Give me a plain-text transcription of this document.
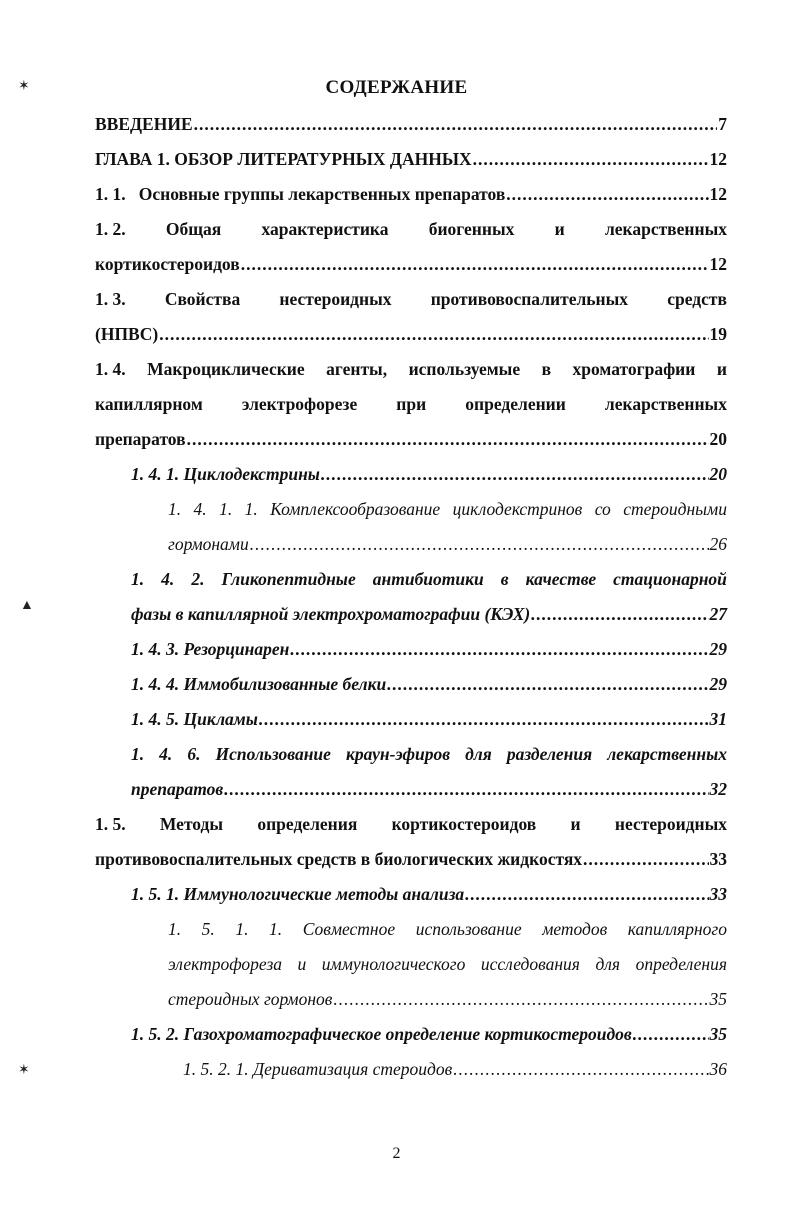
✶
▲
✶
СОДЕРЖАНИЕ
ВВЕДЕНИЕ .....	7
ГЛАВА 1. ОБЗОР ЛИТЕРАТУРНЫХ ДАННЫХ .....	12
1. 1. Основные группы лекарственных препаратов .....	12
1. 2. Общая характеристика биогенных и лекарственных
кортикостероидов .....	12
1. 3. Свойства нестероидных противовоспалительных средств
(НПВС) .....	19
1. 4. Макроциклические агенты, используемые в хроматографии и
капиллярном электрофорезе при определении лекарственных
препаратов .....	20
1. 4. 1. Циклодекстрины .....	20
1. 4. 1. 1. Комплексообразование циклодекстринов со стероидными
гормонами .....	26
1. 4. 2. Гликопептидные антибиотики в качестве стационарной
фазы в капиллярной электрохроматографии (КЭХ) .....	27
1. 4. 3. Резорцинарен .....	29
1. 4. 4. Иммобилизованные белки .....	29
1. 4. 5. Цикламы .....	31
1. 4. 6. Использование краун-эфиров для разделения лекарственных
препаратов .....	32
1. 5. Методы определения кортикостероидов и нестероидных
противовоспалительных средств в биологических жидкостях .....	33
1. 5. 1. Иммунологические методы анализа .....	33
1. 5. 1. 1. Совместное использование методов капиллярного
электрофореза и иммунологического исследования для определения
стероидных гормонов .....	35
1. 5. 2. Газохроматографическое определение кортикостероидов .....	35
1. 5. 2. 1. Дериватизация стероидов .....	36
2
